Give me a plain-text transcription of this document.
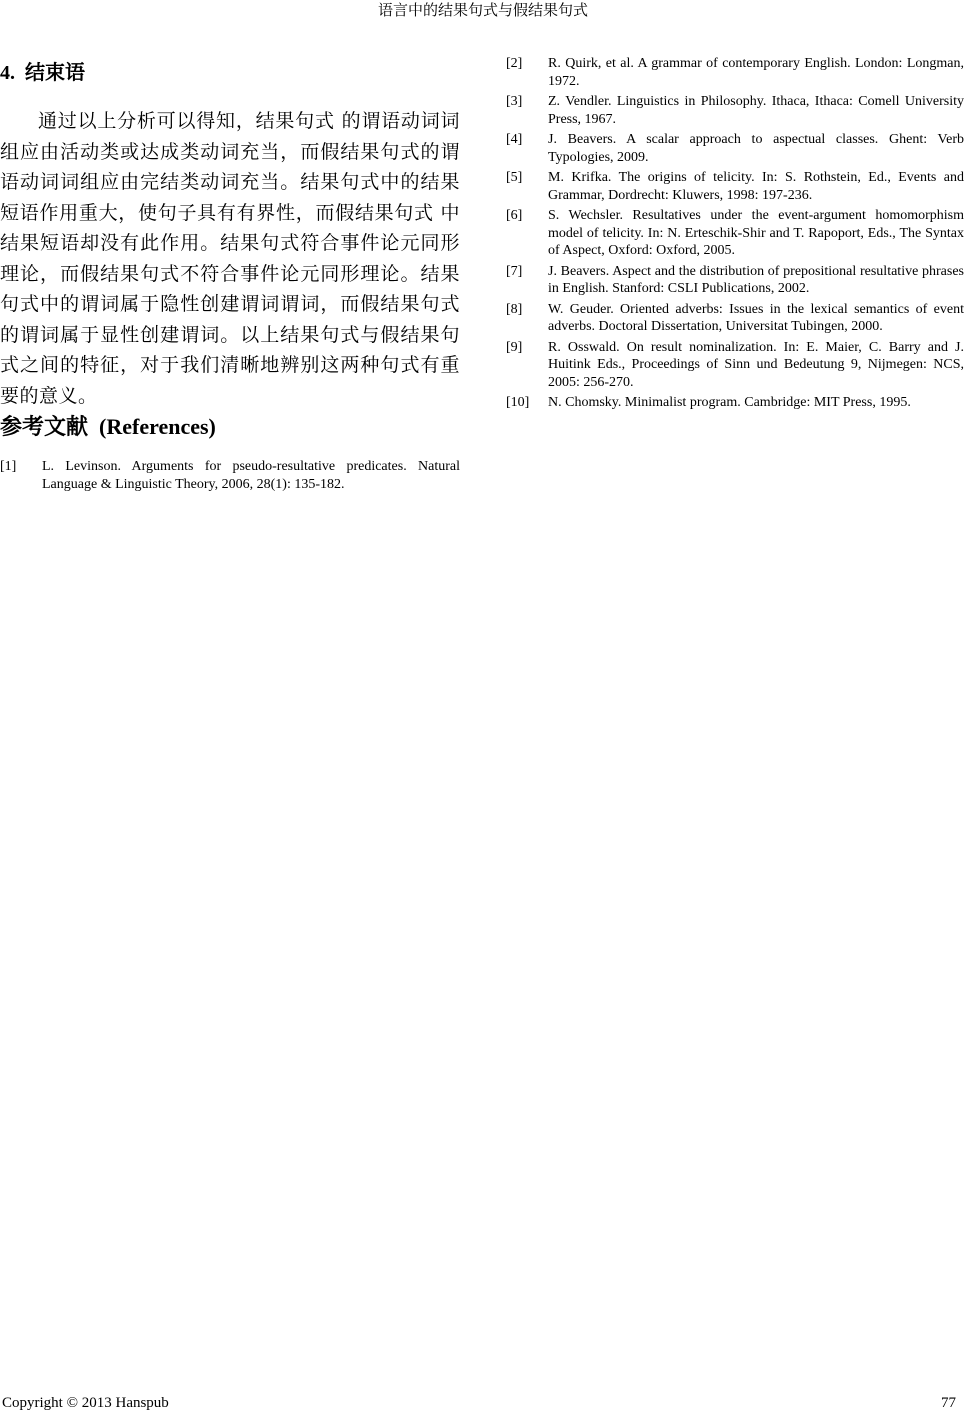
语言中的结果句式与假结果句式
4. 结束语

通过以上分析可以得知，结果句式 的谓语动词词组应由活动类或达成类动词充当，而假结果句式的谓语动词词组应由完结类动词充当。结果句式中的结果短语作用重大，使句子具有有界性，而假结果句式 中结果短语却没有此作用。结果句式符合事件论元同形理论，而假结果句式不符合事件论元同形理论。结果句式中的谓词属于隐性创建谓词谓词，而假结果句式的谓词属于显性创建谓词。以上结果句式与假结果句式之间的特征，对于我们清晰地辨别这两种句式有重要的意义。

参考文献 (References)
[1]	L. Levinson. Arguments for pseudo-resultative predicates. Natural Language & Linguistic Theory, 2006, 28(1): 135-182.
[2]	R. Quirk, et al. A grammar of contemporary English. London: Longman, 1972.
[3]	Z. Vendler. Linguistics in Philosophy. Ithaca, Ithaca: Comell University Press, 1967.
[4]	J. Beavers. A scalar approach to aspectual classes. Ghent: Verb Typologies, 2009.
[5]	M. Krifka. The origins of telicity. In: S. Rothstein, Ed., Events and Grammar, Dordrecht: Kluwers, 1998: 197-236.
[6]	S. Wechsler. Resultatives under the event-argument homomorphism model of telicity. In: N. Erteschik-Shir and T. Rapoport, Eds., The Syntax of Aspect, Oxford: Oxford, 2005.
[7]	J. Beavers. Aspect and the distribution of prepositional resultative phrases in English. Stanford: CSLI Publications, 2002.
[8]	W. Geuder. Oriented adverbs: Issues in the lexical semantics of event adverbs. Doctoral Dissertation, Universitat Tubingen, 2000.
[9]	R. Osswald. On result nominalization. In: E. Maier, C. Barry and J. Huitink Eds., Proceedings of Sinn und Bedeutung 9, Nijmegen: NCS, 2005: 256-270.
[10]	N. Chomsky. Minimalist program. Cambridge: MIT Press, 1995.
Copyright © 2013 Hanspub	77
